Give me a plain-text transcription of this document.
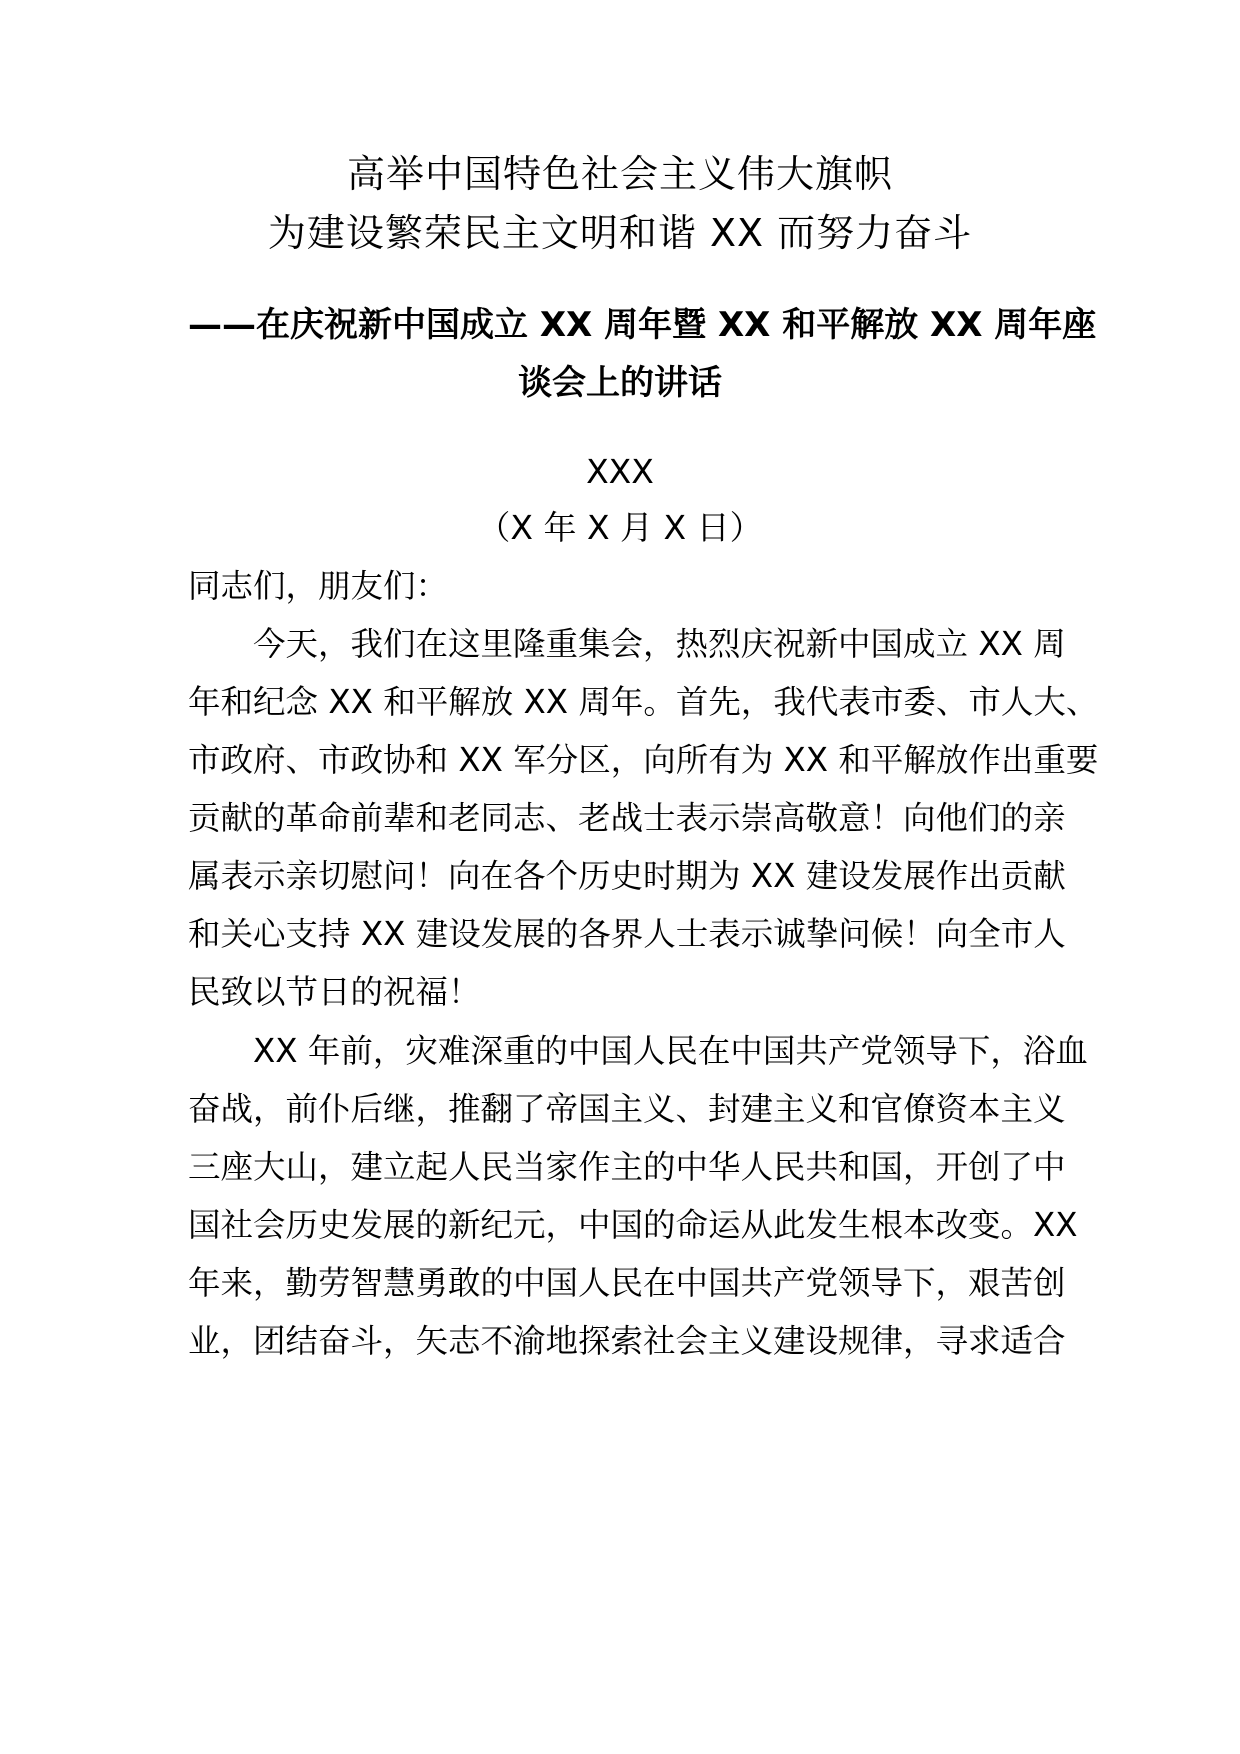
高举中国特色社会主义伟大旗帜
为建设繁荣民主文明和谐 XX 而努力奋斗
——在庆祝新中国成立 XX 周年暨 XX 和平解放 XX 周年座
谈会上的讲话
XXX
（X 年 X 月 X 日）
同志们，朋友们：
今天，我们在这里隆重集会，热烈庆祝新中国成立 XX 周
年和纪念 XX 和平解放 XX 周年。首先，我代表市委、市人大、
市政府、市政协和 XX 军分区，向所有为 XX 和平解放作出重要
贡献的革命前辈和老同志、老战士表示崇高敬意！向他们的亲
属表示亲切慰问！向在各个历史时期为 XX 建设发展作出贡献
和关心支持 XX 建设发展的各界人士表示诚挚问候！向全市人
民致以节日的祝福！
XX 年前，灾难深重的中国人民在中国共产党领导下，浴血
奋战，前仆后继，推翻了帝国主义、封建主义和官僚资本主义
三座大山，建立起人民当家作主的中华人民共和国，开创了中
国社会历史发展的新纪元，中国的命运从此发生根本改变。XX
年来，勤劳智慧勇敢的中国人民在中国共产党领导下，艰苦创
业，团结奋斗，矢志不渝地探索社会主义建设规律，寻求适合
